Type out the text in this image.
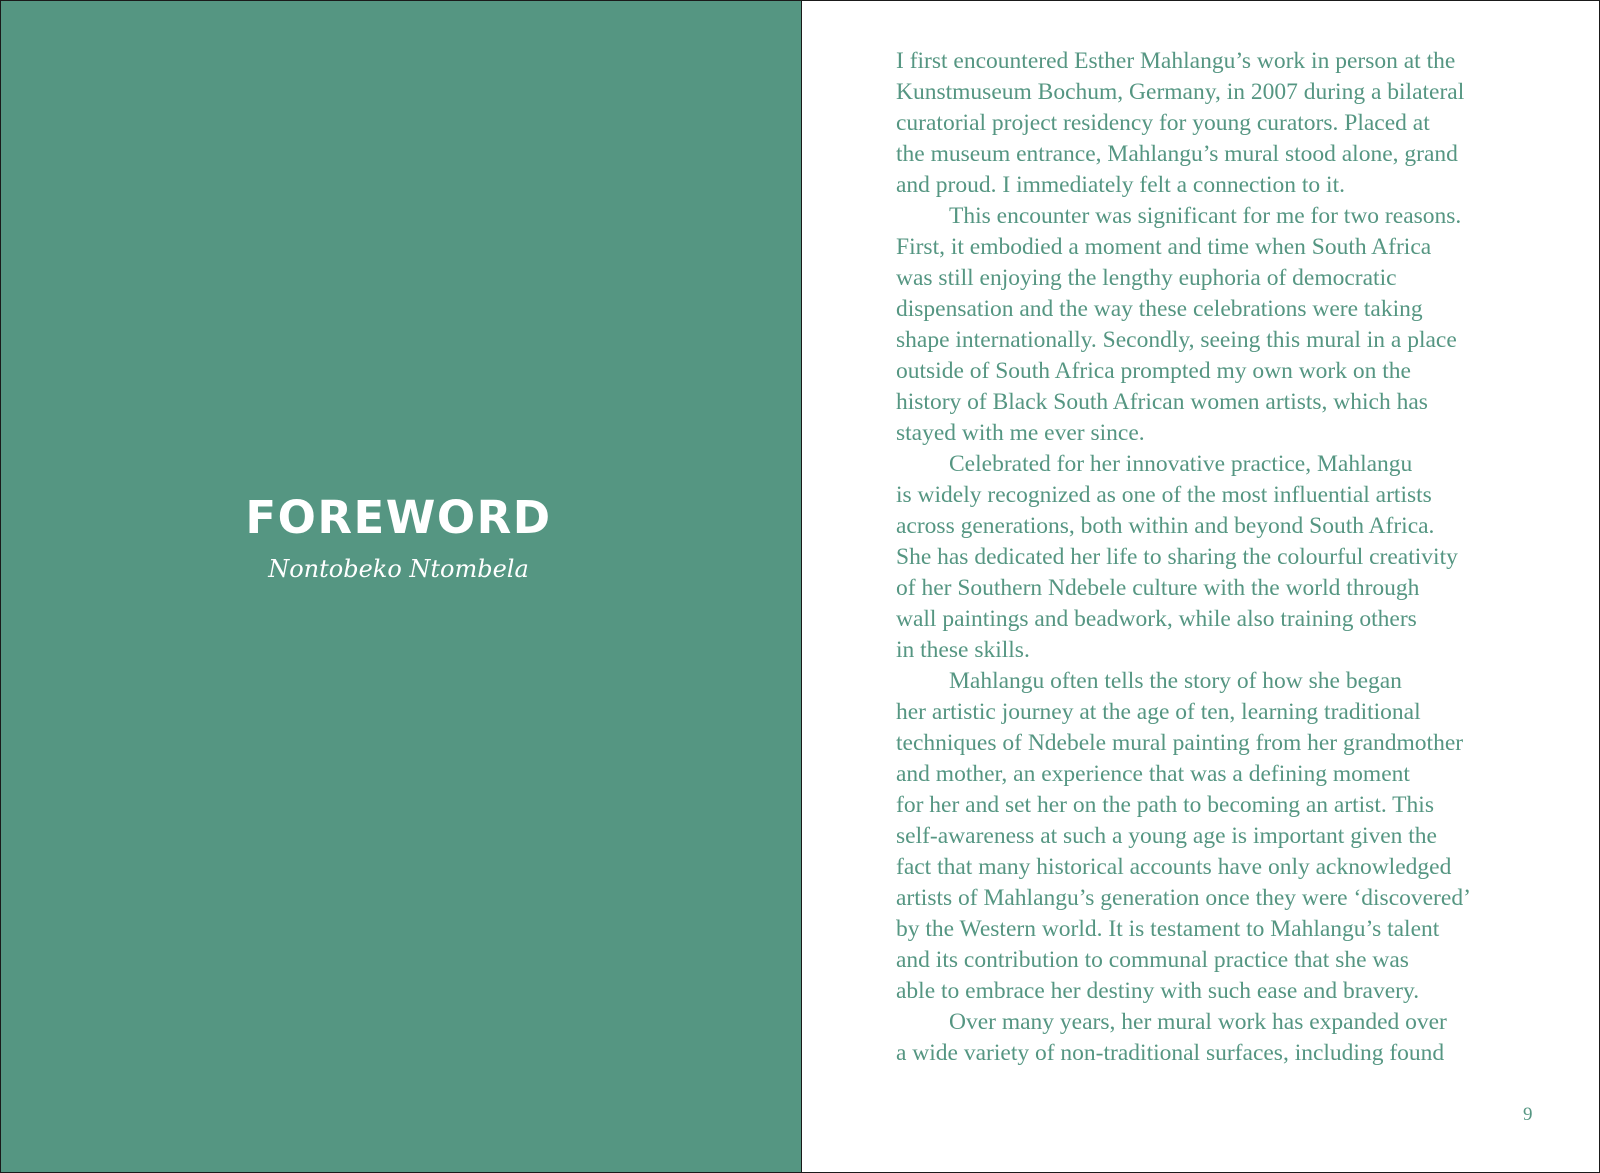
FOREWORD

Nontobeko Ntombela

I first encountered Esther Mahlangu’s work in person at the
Kunstmuseum Bochum, Germany, in 2007 during a bilateral
curatorial project residency for young curators. Placed at
the museum entrance, Mahlangu’s mural stood alone, grand
and proud. I immediately felt a connection to it.
This encounter was significant for me for two reasons.
First, it embodied a moment and time when South Africa
was still enjoying the lengthy euphoria of democratic
dispensation and the way these celebrations were taking
shape internationally. Secondly, seeing this mural in a place
outside of South Africa prompted my own work on the
history of Black South African women artists, which has
stayed with me ever since.
Celebrated for her innovative practice, Mahlangu
is widely recognized as one of the most influential artists
across generations, both within and beyond South Africa.
She has dedicated her life to sharing the colourful creativity
of her Southern Ndebele culture with the world through
wall paintings and beadwork, while also training others
in these skills.
Mahlangu often tells the story of how she began
her artistic journey at the age of ten, learning traditional
techniques of Ndebele mural painting from her grandmother
and mother, an experience that was a defining moment
for her and set her on the path to becoming an artist. This
self-awareness at such a young age is important given the
fact that many historical accounts have only acknowledged
artists of Mahlangu’s generation once they were ‘discovered’
by the Western world. It is testament to Mahlangu’s talent
and its contribution to communal practice that she was
able to embrace her destiny with such ease and bravery.
Over many years, her mural work has expanded over
a wide variety of non-traditional surfaces, including found
9
